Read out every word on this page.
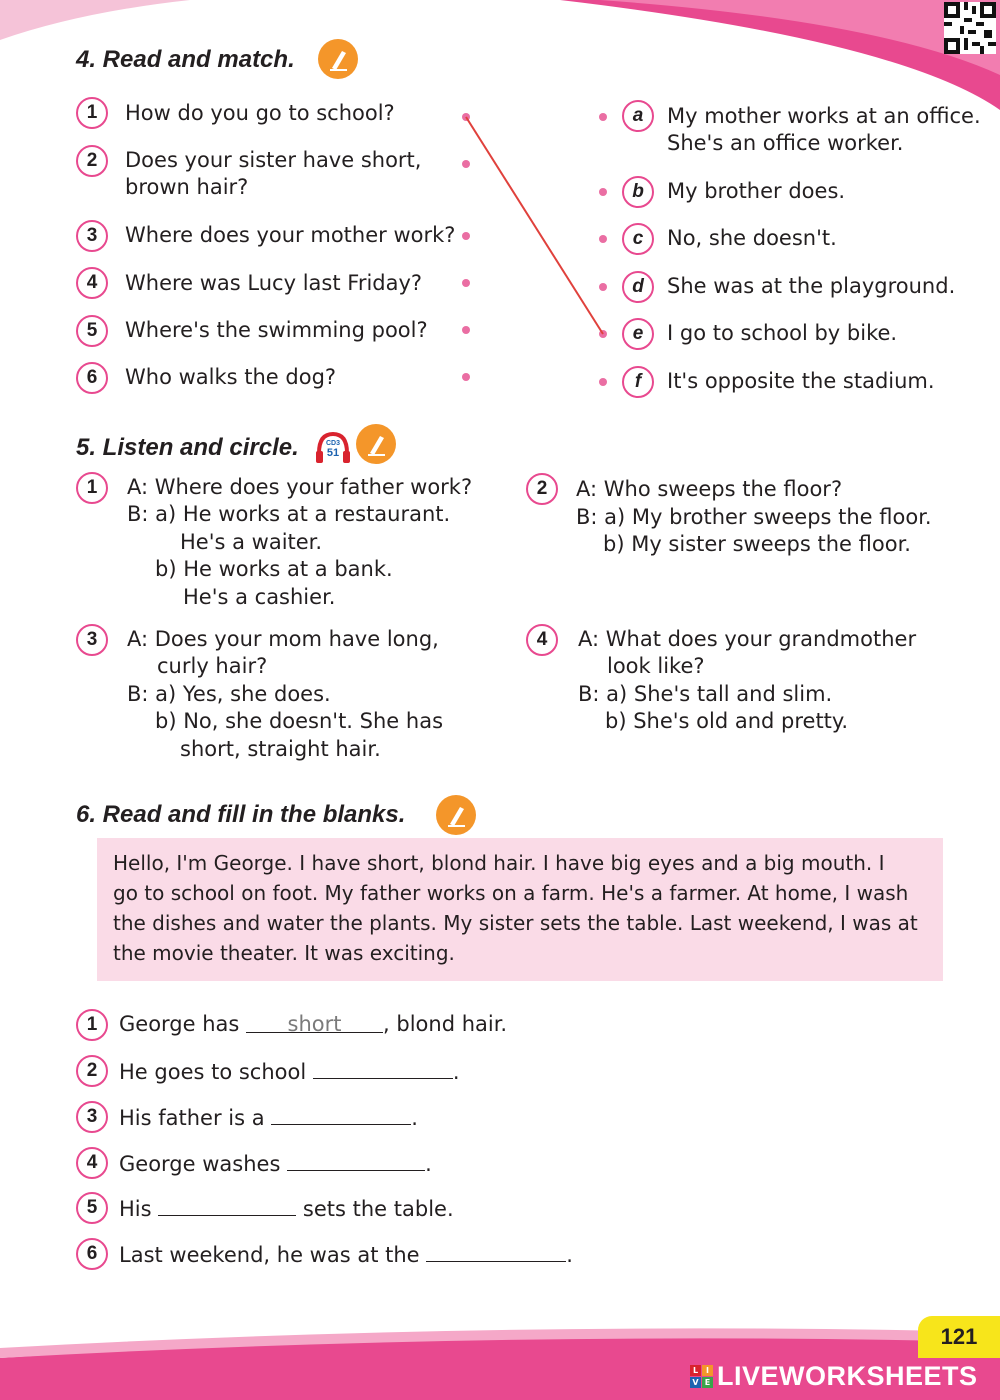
4. Read and match.
1	How do you go to school?
2	Does your sister have short,
brown hair?
3	Where does your mother work?
4	Where was Lucy last Friday?
5	Where's the swimming pool?
6	Who walks the dog?
a	My mother works at an office.
She's an office worker.
b	My brother does.
c	No, she doesn't.
d	She was at the playground.
e	I go to school by bike.
f	It's opposite the stadium.
5. Listen and circle.	CD3
51
1	A: Where does your father work?
B: a) He works at a restaurant.
He's a waiter.
b) He works at a bank.
He's a cashier.
2	A: Who sweeps the floor?
B: a) My brother sweeps the floor.
b) My sister sweeps the floor.
3	A: Does your mom have long,
curly hair?
B: a) Yes, she does.
b) No, she doesn't. She has
short, straight hair.
4	A: What does your grandmother
look like?
B: a) She's tall and slim.
b) She's old and pretty.
6. Read and fill in the blanks.
Hello, I'm George. I have short, blond hair. I have big eyes and a big mouth. I
go to school on foot. My father works on a farm. He's a farmer. At home, I wash
the dishes and water the plants. My sister sets the table. Last weekend, I was at
the movie theater. It was exciting.
1	George has short , blond hair.
2	He goes to school	.
3	His father is a	.
4	George washes	.
5	His	sets the table.
6	Last weekend, he was at the	.
121
L I
V E LIVEWORKSHEETS
